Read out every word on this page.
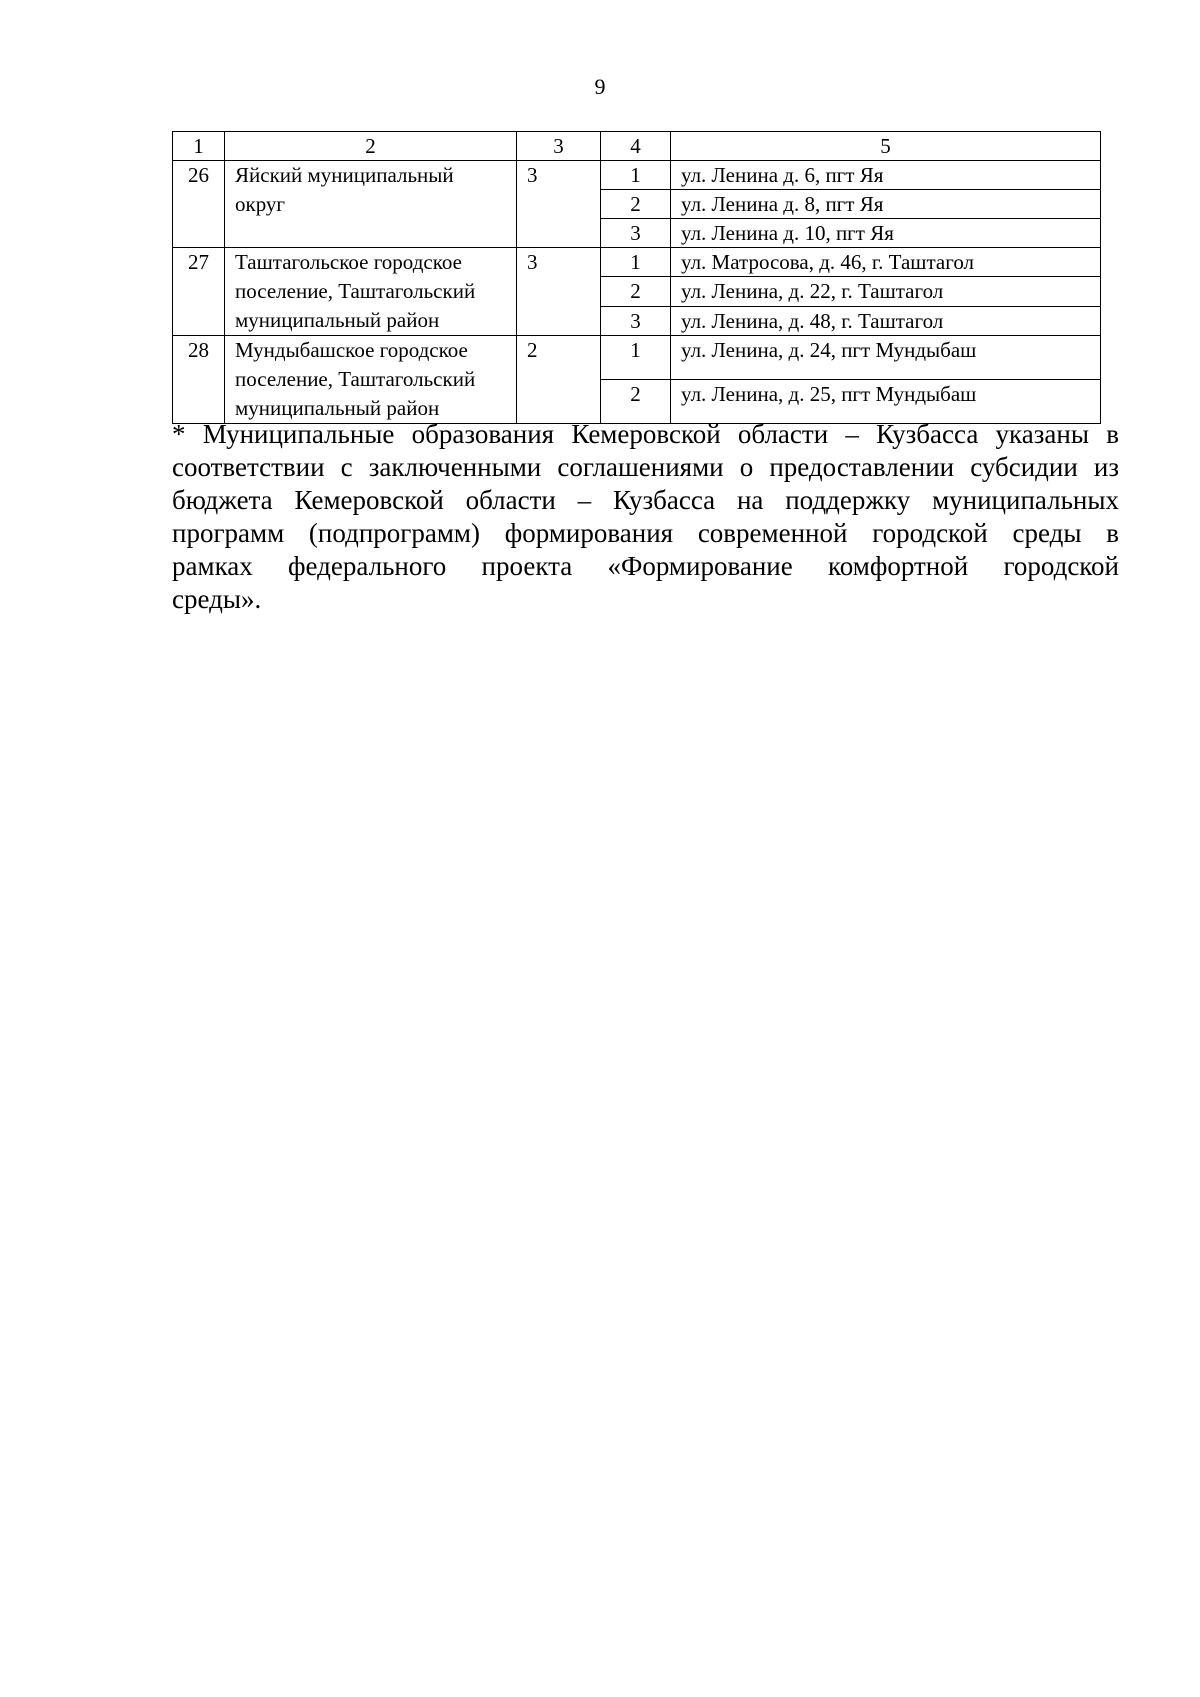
9
1	2	3	4	5
26	Яйский муниципальный округ	3	1	ул. Ленина д. 6, пгт Яя
			2	ул. Ленина д. 8, пгт Яя
			3	ул. Ленина д. 10, пгт Яя
27	Таштагольское городское поселение, Таштагольский муниципальный район	3	1	ул. Матросова, д. 46, г. Таштагол
			2	ул. Ленина, д. 22, г. Таштагол
			3	ул. Ленина, д. 48, г. Таштагол
28	Мундыбашское городское поселение, Таштагольский муниципальный район	2	1	ул. Ленина, д. 24, пгт Мундыбаш
			2	ул. Ленина, д. 25, пгт Мундыбаш
* Муниципальные образования Кемеровской области – Кузбасса указаны в
соответствии с заключенными соглашениями о предоставлении субсидии из
бюджета Кемеровской области – Кузбасса на поддержку муниципальных
программ (подпрограмм) формирования современной городской среды в
рамках федерального проекта «Формирование комфортной городской
среды».
